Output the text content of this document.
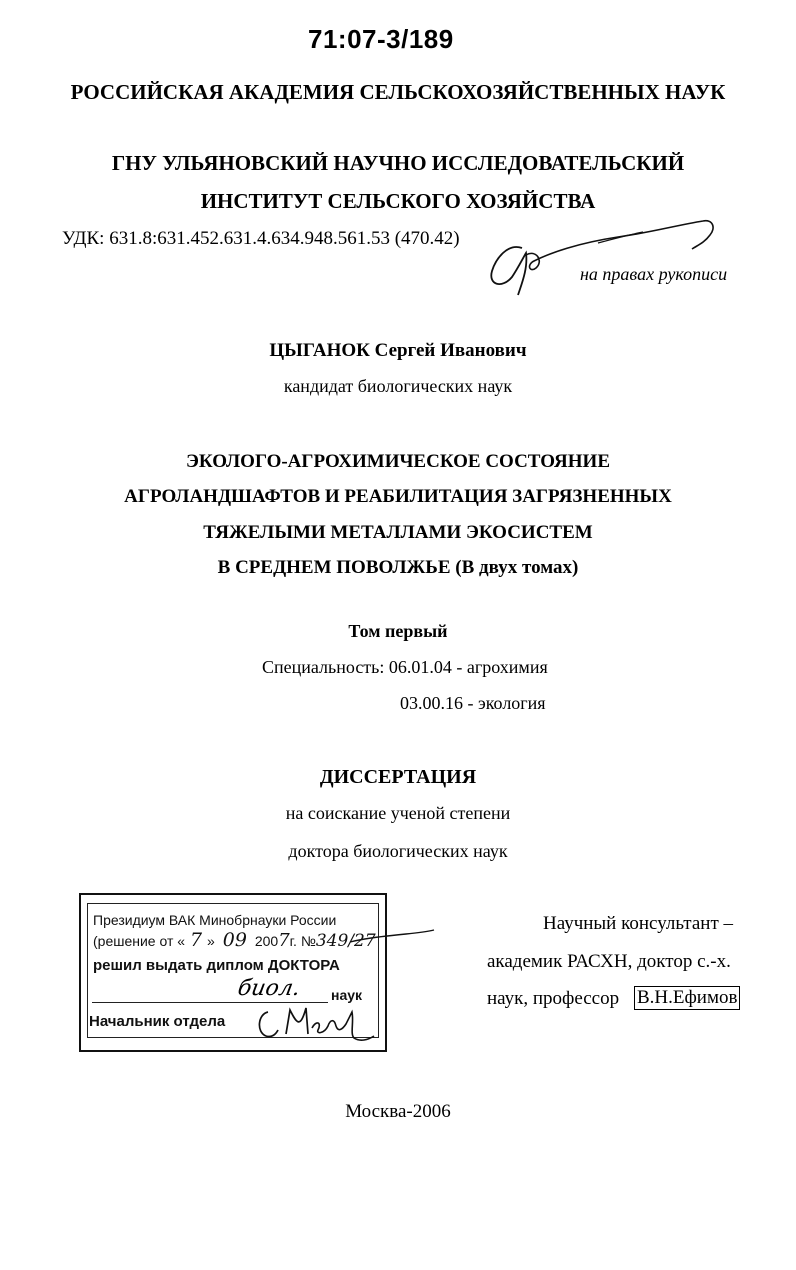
71:07-3/189
РОССИЙСКАЯ АКАДЕМИЯ СЕЛЬСКОХОЗЯЙСТВЕННЫХ НАУК
ГНУ УЛЬЯНОВСКИЙ НАУЧНО ИССЛЕДОВАТЕЛЬСКИЙ
ИНСТИТУТ СЕЛЬСКОГО ХОЗЯЙСТВА
УДК: 631.8:631.452.631.4.634.948.561.53 (470.42)
на правах рукописи
ЦЫГАНОК Сергей Иванович
кандидат биологических наук
ЭКОЛОГО-АГРОХИМИЧЕСКОЕ СОСТОЯНИЕ
АГРОЛАНДШАФТОВ И РЕАБИЛИТАЦИЯ ЗАГРЯЗНЕННЫХ
ТЯЖЕЛЫМИ МЕТАЛЛАМИ ЭКОСИСТЕМ
В СРЕДНЕМ ПОВОЛЖЬЕ (В двух томах)
Том первый
Специальность: 06.01.04 - агрохимия
03.00.16 - экология
ДИССЕРТАЦИЯ
на соискание ученой степени
доктора биологических наук
Президиум ВАК Минобрнауки России
(решение от « 7 » 09 2007г. №349/27
решил выдать диплом ДОКТОРА
биол. наук
Начальник отдела
Научный консультант –
академик РАСХН, доктор с.-х.
наук, профессор В.Н.Ефимов
Москва-2006
